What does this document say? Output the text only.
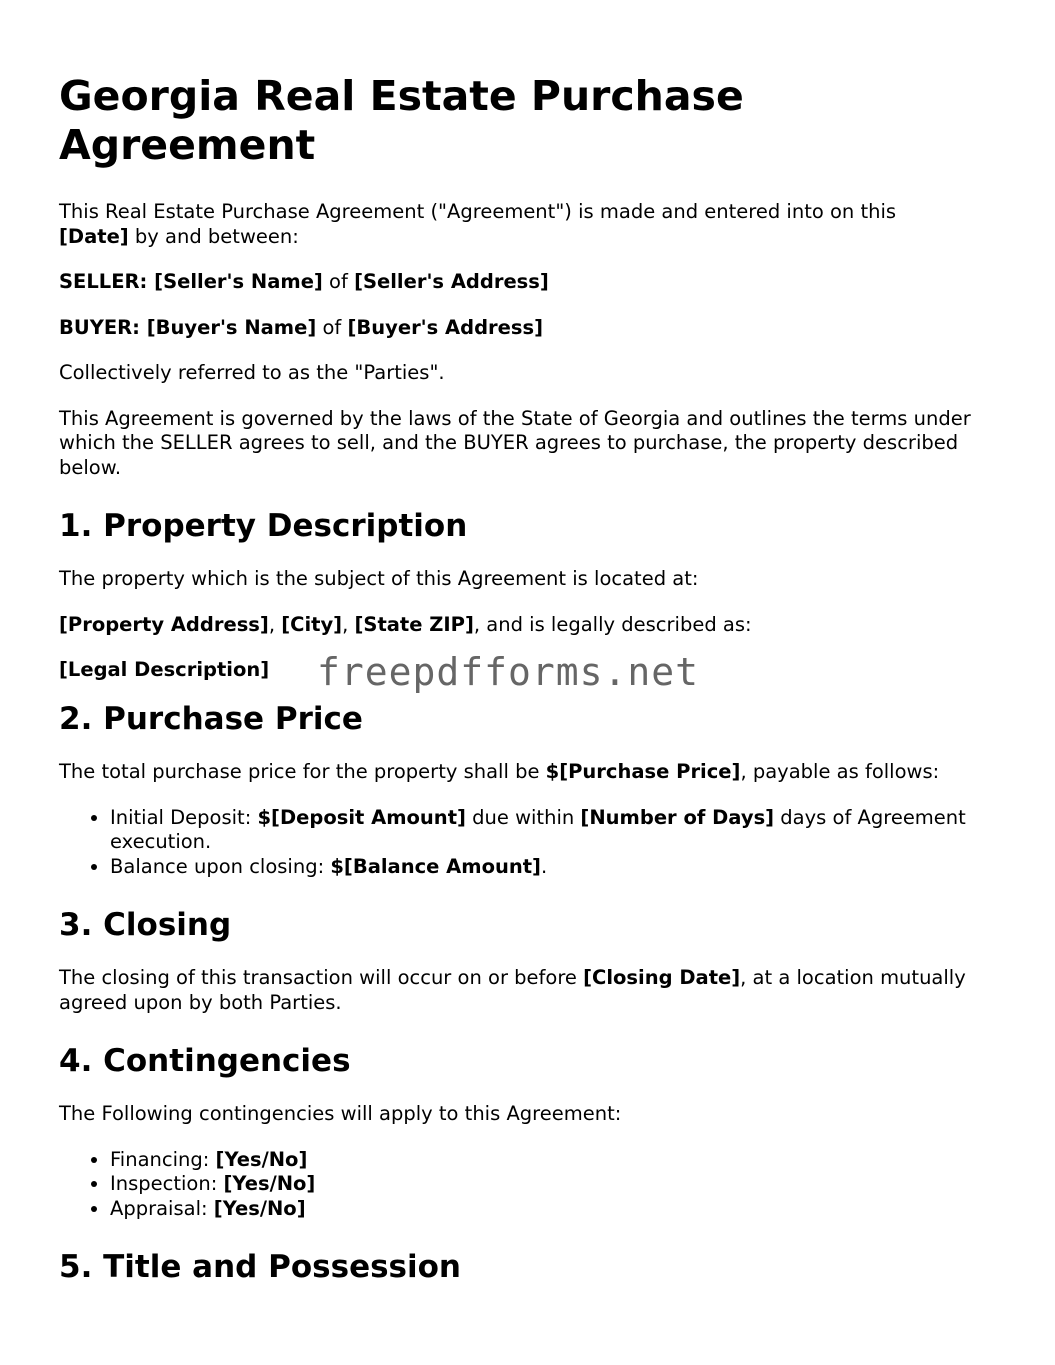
Georgia Real Estate Purchase Agreement

This Real Estate Purchase Agreement ("Agreement") is made and entered into on this
[Date] by and between:

SELLER: [Seller's Name] of [Seller's Address]

BUYER: [Buyer's Name] of [Buyer's Address]

Collectively referred to as the "Parties".

This Agreement is governed by the laws of the State of Georgia and outlines the terms under which the SELLER agrees to sell, and the BUYER agrees to purchase, the property described below.

1. Property Description

The property which is the subject of this Agreement is located at:

[Property Address], [City], [State ZIP], and is legally described as:

[Legal Description]	freepdfforms.net
2. Purchase Price

The total purchase price for the property shall be $[Purchase Price], payable as follows:

• Initial Deposit: $[Deposit Amount] due within [Number of Days] days of Agreement execution.
• Balance upon closing: $[Balance Amount].
3. Closing

The closing of this transaction will occur on or before [Closing Date], at a location mutually agreed upon by both Parties.

4. Contingencies

The Following contingencies will apply to this Agreement:

• Financing: [Yes/No]
• Inspection: [Yes/No]
• Appraisal: [Yes/No]
5. Title and Possession
